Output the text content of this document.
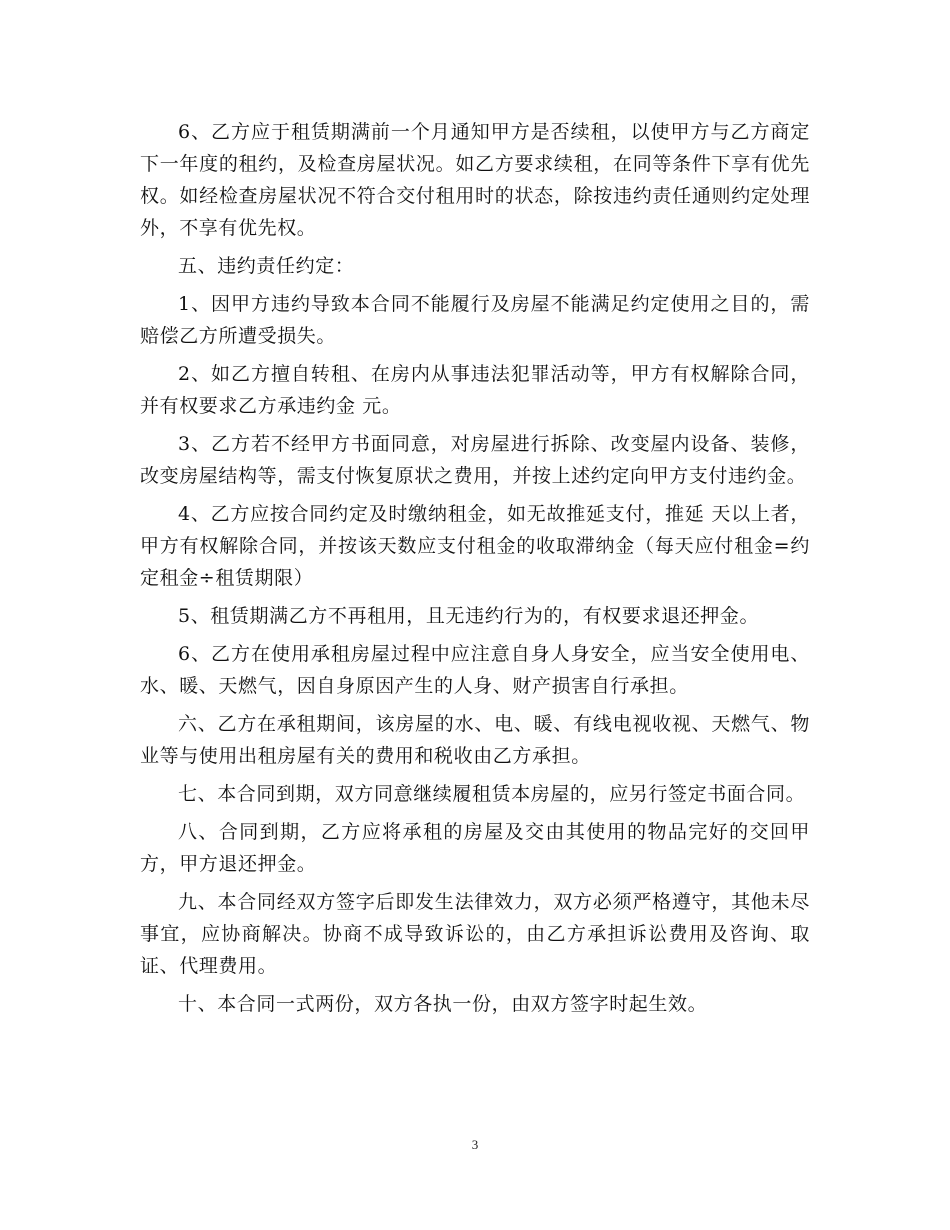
6、乙方应于租赁期满前一个月通知甲方是否续租，以使甲方与乙方商定下一年度的租约，及检查房屋状况。如乙方要求续租，在同等条件下享有优先权。如经检查房屋状况不符合交付租用时的状态，除按违约责任通则约定处理外，不享有优先权。

五、违约责任约定：

1、因甲方违约导致本合同不能履行及房屋不能满足约定使用之目的，需赔偿乙方所遭受损失。

2、如乙方擅自转租、在房内从事违法犯罪活动等，甲方有权解除合同，并有权要求乙方承违约金 元。

3、乙方若不经甲方书面同意，对房屋进行拆除、改变屋内设备、装修，改变房屋结构等，需支付恢复原状之费用，并按上述约定向甲方支付违约金。

4、乙方应按合同约定及时缴纳租金，如无故推延支付，推延 天以上者，甲方有权解除合同，并按该天数应支付租金的收取滞纳金（每天应付租金=约定租金÷租赁期限）

5、租赁期满乙方不再租用，且无违约行为的，有权要求退还押金。

6、乙方在使用承租房屋过程中应注意自身人身安全，应当安全使用电、水、暖、天燃气，因自身原因产生的人身、财产损害自行承担。

六、乙方在承租期间，该房屋的水、电、暖、有线电视收视、天燃气、物业等与使用出租房屋有关的费用和税收由乙方承担。

七、本合同到期，双方同意继续履租赁本房屋的，应另行签定书面合同。

八、合同到期，乙方应将承租的房屋及交由其使用的物品完好的交回甲方，甲方退还押金。

九、本合同经双方签字后即发生法律效力，双方必须严格遵守，其他未尽事宜，应协商解决。协商不成导致诉讼的，由乙方承担诉讼费用及咨询、取证、代理费用。

十、本合同一式两份，双方各执一份，由双方签字时起生效。

3
